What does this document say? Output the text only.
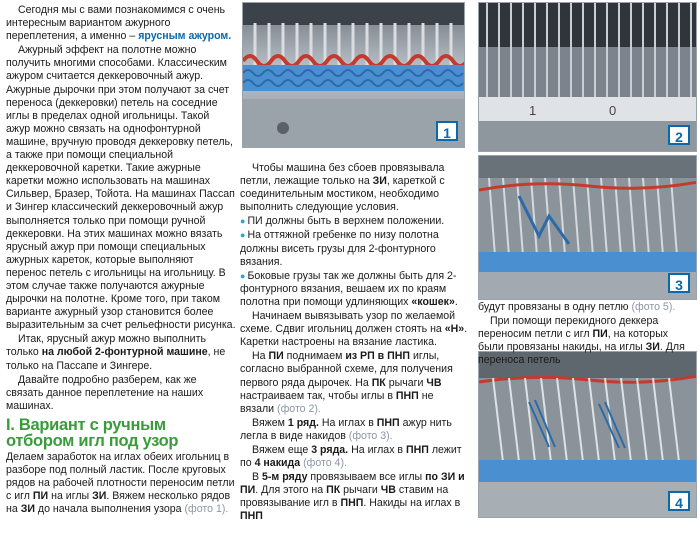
1
1	0
2
3
4

Сегодня мы с вами познакомимся с очень интересным вариантом ажурного переплетения, а именно – ярусным ажуром.

Ажурный эффект на полотне можно получить многими способами. Классическим ажуром считается деккеровочный ажур. Ажурные дырочки при этом получают за счет переноса (деккеровки) петель на соседние иглы в пределах одной игольницы. Такой ажур можно связать на однофонтурной машине, вручную проводя деккеровку петель, а также при помощи специальной деккеровочной каретки. Такие ажурные каретки можно использовать на машинах Сильвер, Бразер, Тойота. На машинах Пассап и Зингер классический деккеровочный ажур выполняется только при помощи ручной деккеровки. На этих машинах можно вязать ярусный ажур при помощи специальных ажурных кареток, которые выполняют перенос петель с игольницы на игольницу. В этом случае также получаются ажурные дырочки на полотне. Кроме того, при таком варианте ажурный узор становится более выразительным за счет рельефности рисунка.

Итак, ярусный ажур можно выполнить только на любой 2-фонтурной машине, не только на Пассапе и Зингере.

Давайте подробно разберем, как же связать данное переплетение на наших машинах.

I. Вариант с ручным отбором игл под узор

Делаем заработок на иглах обеих игольниц в разборе под полный ластик. После круговых рядов на рабочей плотности переносим петли с игл ПИ на иглы ЗИ. Вяжем несколько рядов на ЗИ до начала выполнения узора (фото 1).

Чтобы машина без сбоев провязывала петли, лежащие только на ЗИ, кареткой с соединительным мостиком, необходимо выполнить следующие условия.

● ПИ должны быть в верхнем положении.

● На оттяжной гребенке по низу полотна должны висеть грузы для 2-фонтурного вязания.

● Боковые грузы так же должны быть для 2-фонтурного вязания, вешаем их по краям полотна при помощи удлиняющих «кошек».

Начинаем вывязывать узор по желаемой схеме. Сдвиг игольниц должен стоять на «Н». Каретки настроены на вязание ластика.

На ПИ поднимаем из РП в ПНП иглы, согласно выбранной схеме, для получения первого ряда дырочек. На ПК рычаги ЧВ настраиваем так, чтобы иглы в ПНП не вязали (фото 2).

Вяжем 1 ряд. На иглах в ПНП ажур нить легла в виде накидов (фото 3).

Вяжем еще 3 ряда. На иглах в ПНП лежит по 4 накида (фото 4).

В 5-м ряду провязываем все иглы по ЗИ и ПИ. Для этого на ПК рычаги ЧВ ставим на провязывание игл в ПНП. Накиды на иглах в ПНП

будут провязаны в одну петлю (фото 5).

При помощи перекидного деккера переносим петли с игл ПИ, на которых были провязаны накиды, на иглы ЗИ. Для переноса петель
